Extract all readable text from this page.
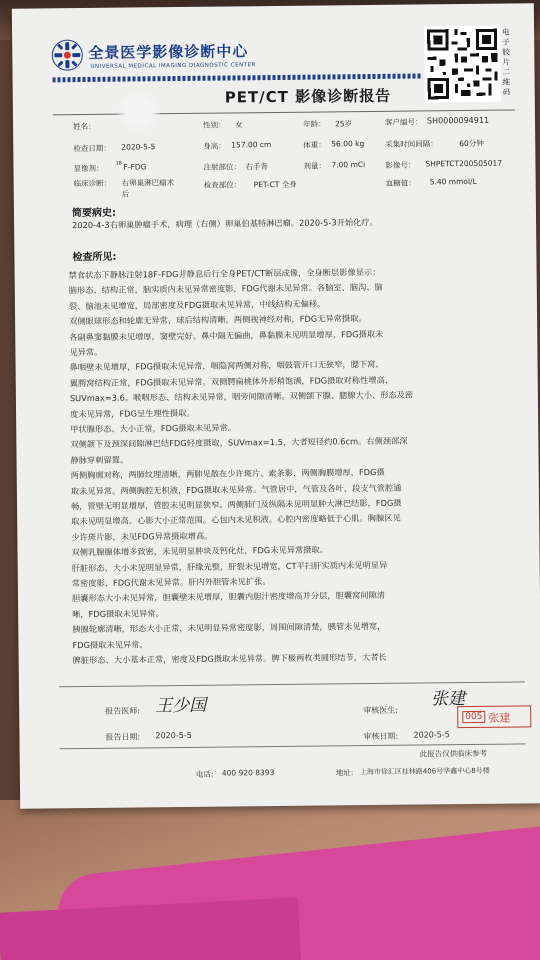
全景医学影像诊断中心
UNIVERSAL MEDICAL IMAGING DIAGNOSTIC CENTER
PET/CT 影像诊断报告
电子胶片二维码
姓名：	性别： 女	年龄： 25岁	客户编号： SH0000094911
检查日期： 2020-5-5	身高： 157.00 cm	体重： 56.00 kg	采集时间间隔：	60分钟
显像剂：
18 F-FDG	注射部位： 右手背	剂量： 7.00 mCi	影像号： SHPETCT200505017
临床诊断： 右卵巢淋巴瘤术
后
检查部位： PET-CT 全身	血糖值： 5.40 mmol/L
简要病史:
2020-4-3右卵巢肿瘤手术，病理（右侧）卵巢伯基特淋巴瘤。2020-5-3开始化疗。
检查所见:
禁食状态下静脉注射18F-FDG并静息后行全身PET/CT断层成像，全身断层影像显示：
脑形态、结构正常，脑实质内未见异常密度影，FDG代谢未见异常。各脑室、脑沟、脑
裂、脑池未见增宽，局部密度及FDG摄取未见异常，中线结构无偏移。
双侧眼球形态和轮廓无异常，球后结构清晰，两侧视神经对称，FDG无异常摄取。
各副鼻窦黏膜未见增厚，窦壁完好。鼻中隔无偏曲，鼻黏膜未见明显增厚，FDG摄取未
见异常。
鼻咽壁未见增厚，FDG摄取未见异常，咽隐窝两侧对称，咽鼓管开口无狭窄，腮下窝、
翼腭窝结构正常，FDG摄取未见异常。双侧腭扁桃体外形稍饱满，FDG摄取对称性增高，
SUVmax=3.6。喉咽形态、结构未见异常，咽旁间隙清晰。双侧颌下腺、腮腺大小、形态及密
度未见异常，FDG呈生理性摄取。
甲状腺形态、大小正常，FDG摄取未见异常。
双侧颌下及颈深间隙淋巴结FDG轻度摄取，SUVmax=1.5，大者短径约0.6cm。右侧颈部深
静脉穿刺留置。
两侧胸廓对称，两肺纹理清晰，两肺见散在少许斑片、索条影，两侧胸膜增厚，FDG摄
取未见异常。两侧胸腔无积液，FDG摄取未见异常。气管居中，气管及各叶、段支气管腔通
畅，管壁无明显增厚，管腔未见明显狭窄。两侧肺门及纵隔未见明显肿大淋巴结影，FDG摄
取未见明显增高。心影大小正常范围。心包内未见积液。心腔内密度略低于心肌。胸腺区见
少许斑片影，未见FDG异常摄取增高。
双侧乳腺腺体增多致密，未见明显肿块及钙化灶，FDG未见异常摄取。
肝脏形态、大小未见明显异常，肝缘光整，肝裂未见增宽，CT平扫肝实质内未见明显异
常密度影，FDG代谢未见异常。肝内外胆管未见扩张。
胆囊形态大小未见异常，胆囊壁未见增厚，胆囊内胆汁密度增高并分层，胆囊窝间隙清
晰，FDG摄取未见异常。
胰腺轮廓清晰，形态大小正常，未见明显异常密度影，周围间隙清楚，胰管未见增宽，
FDG摄取未见异常。
脾脏形态、大小基本正常，密度及FDG摄取未见异常。脾下极两枚类圆形结节，大者长
报告医师: 王少国	审核医生:
张建
005 张建
报告日期: 2020-5-5	审核日期: 2020-5-5
此报告仅供临床参考
电话: 400 920 8393	地址: 上海市徐汇区桂林路406号华鑫中心8号楼
